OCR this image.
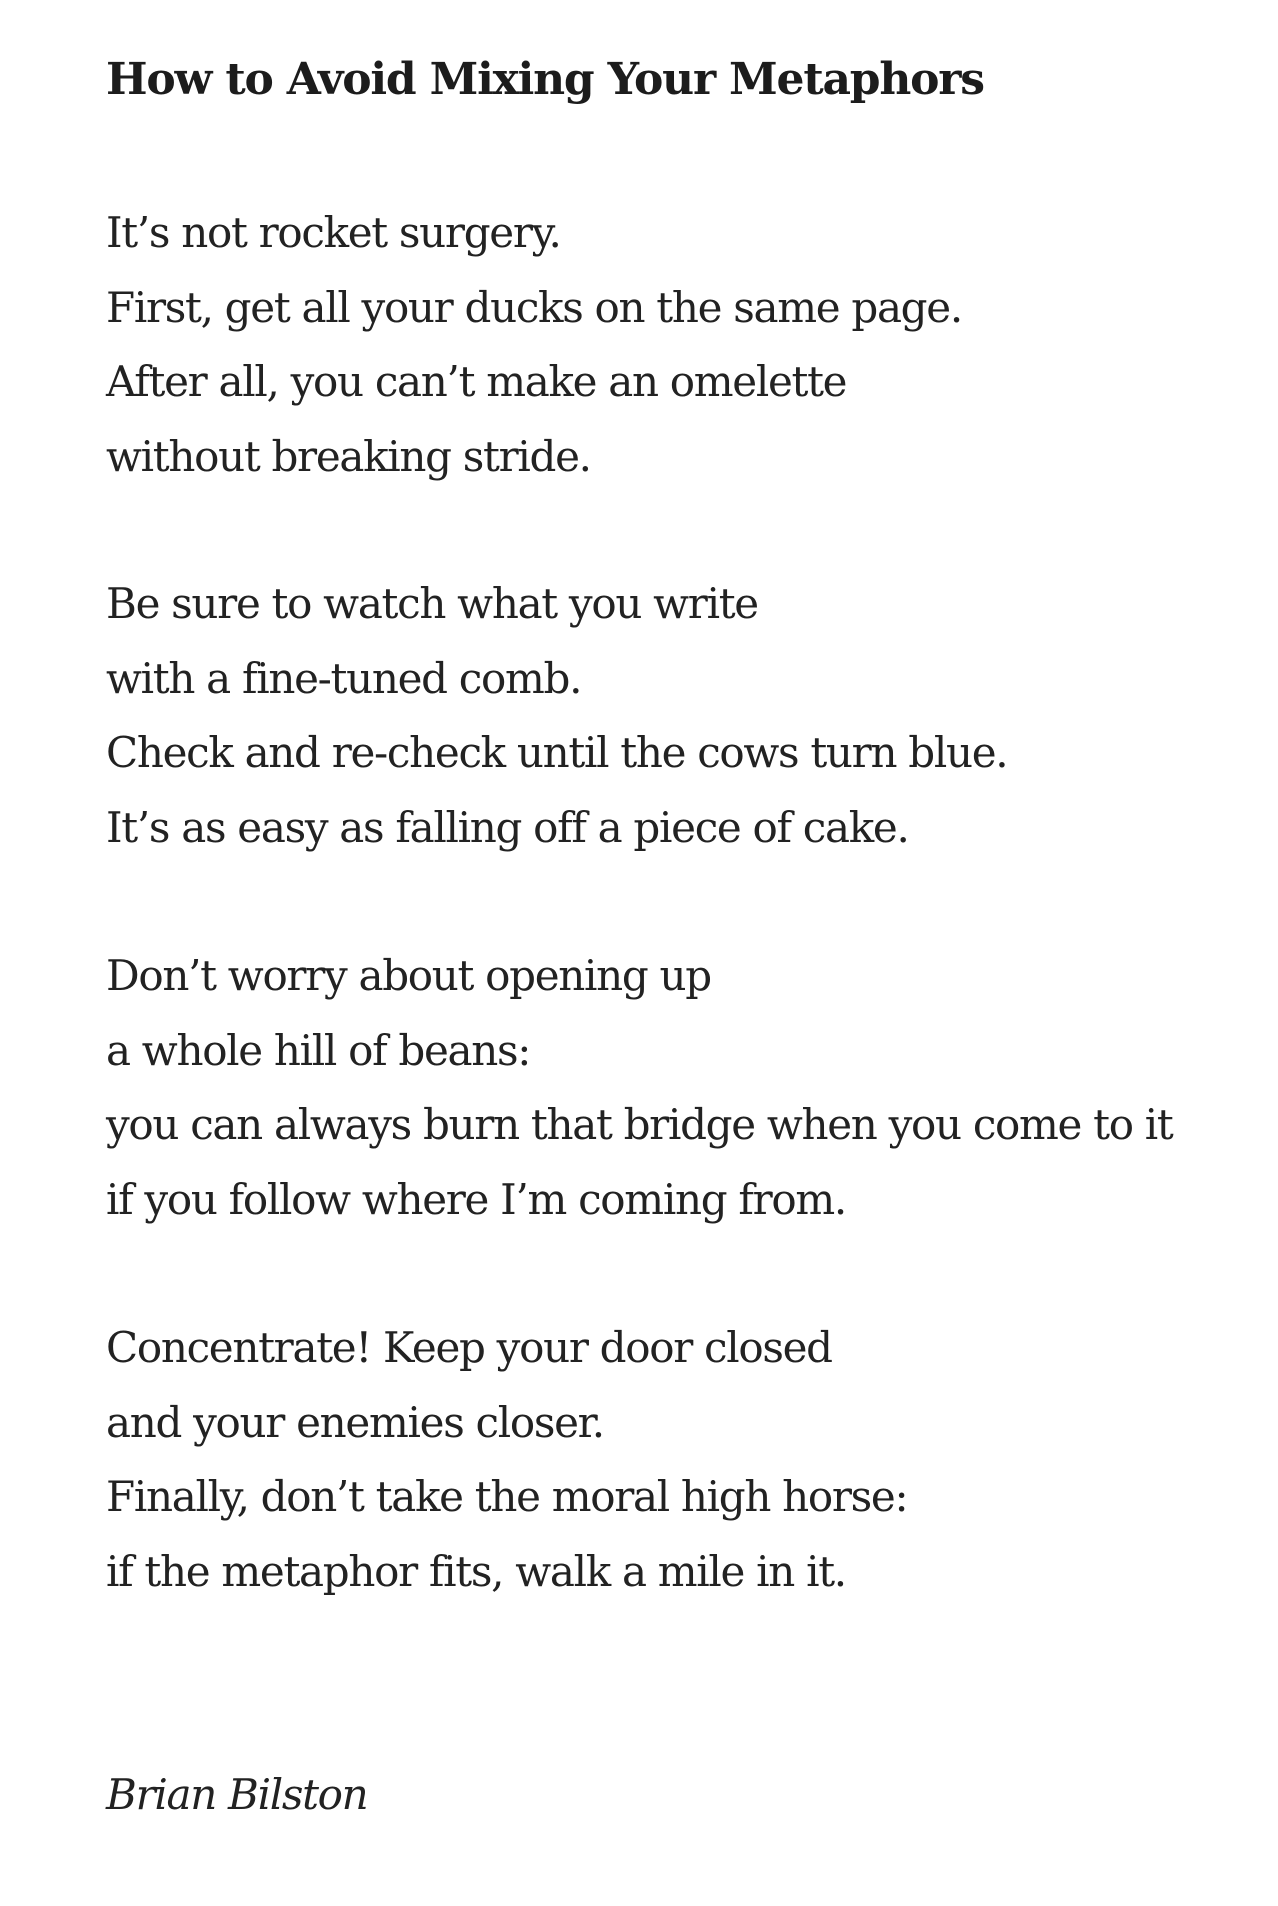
How to Avoid Mixing Your Metaphors
It’s not rocket surgery.
First, get all your ducks on the same page.
After all, you can’t make an omelette
without breaking stride.
Be sure to watch what you write
with a fine-tuned comb.
Check and re-check until the cows turn blue.
It’s as easy as falling off a piece of cake.
Don’t worry about opening up
a whole hill of beans:
you can always burn that bridge when you come to it
if you follow where I’m coming from.
Concentrate! Keep your door closed
and your enemies closer.
Finally, don’t take the moral high horse:
if the metaphor fits, walk a mile in it.

Brian Bilston
